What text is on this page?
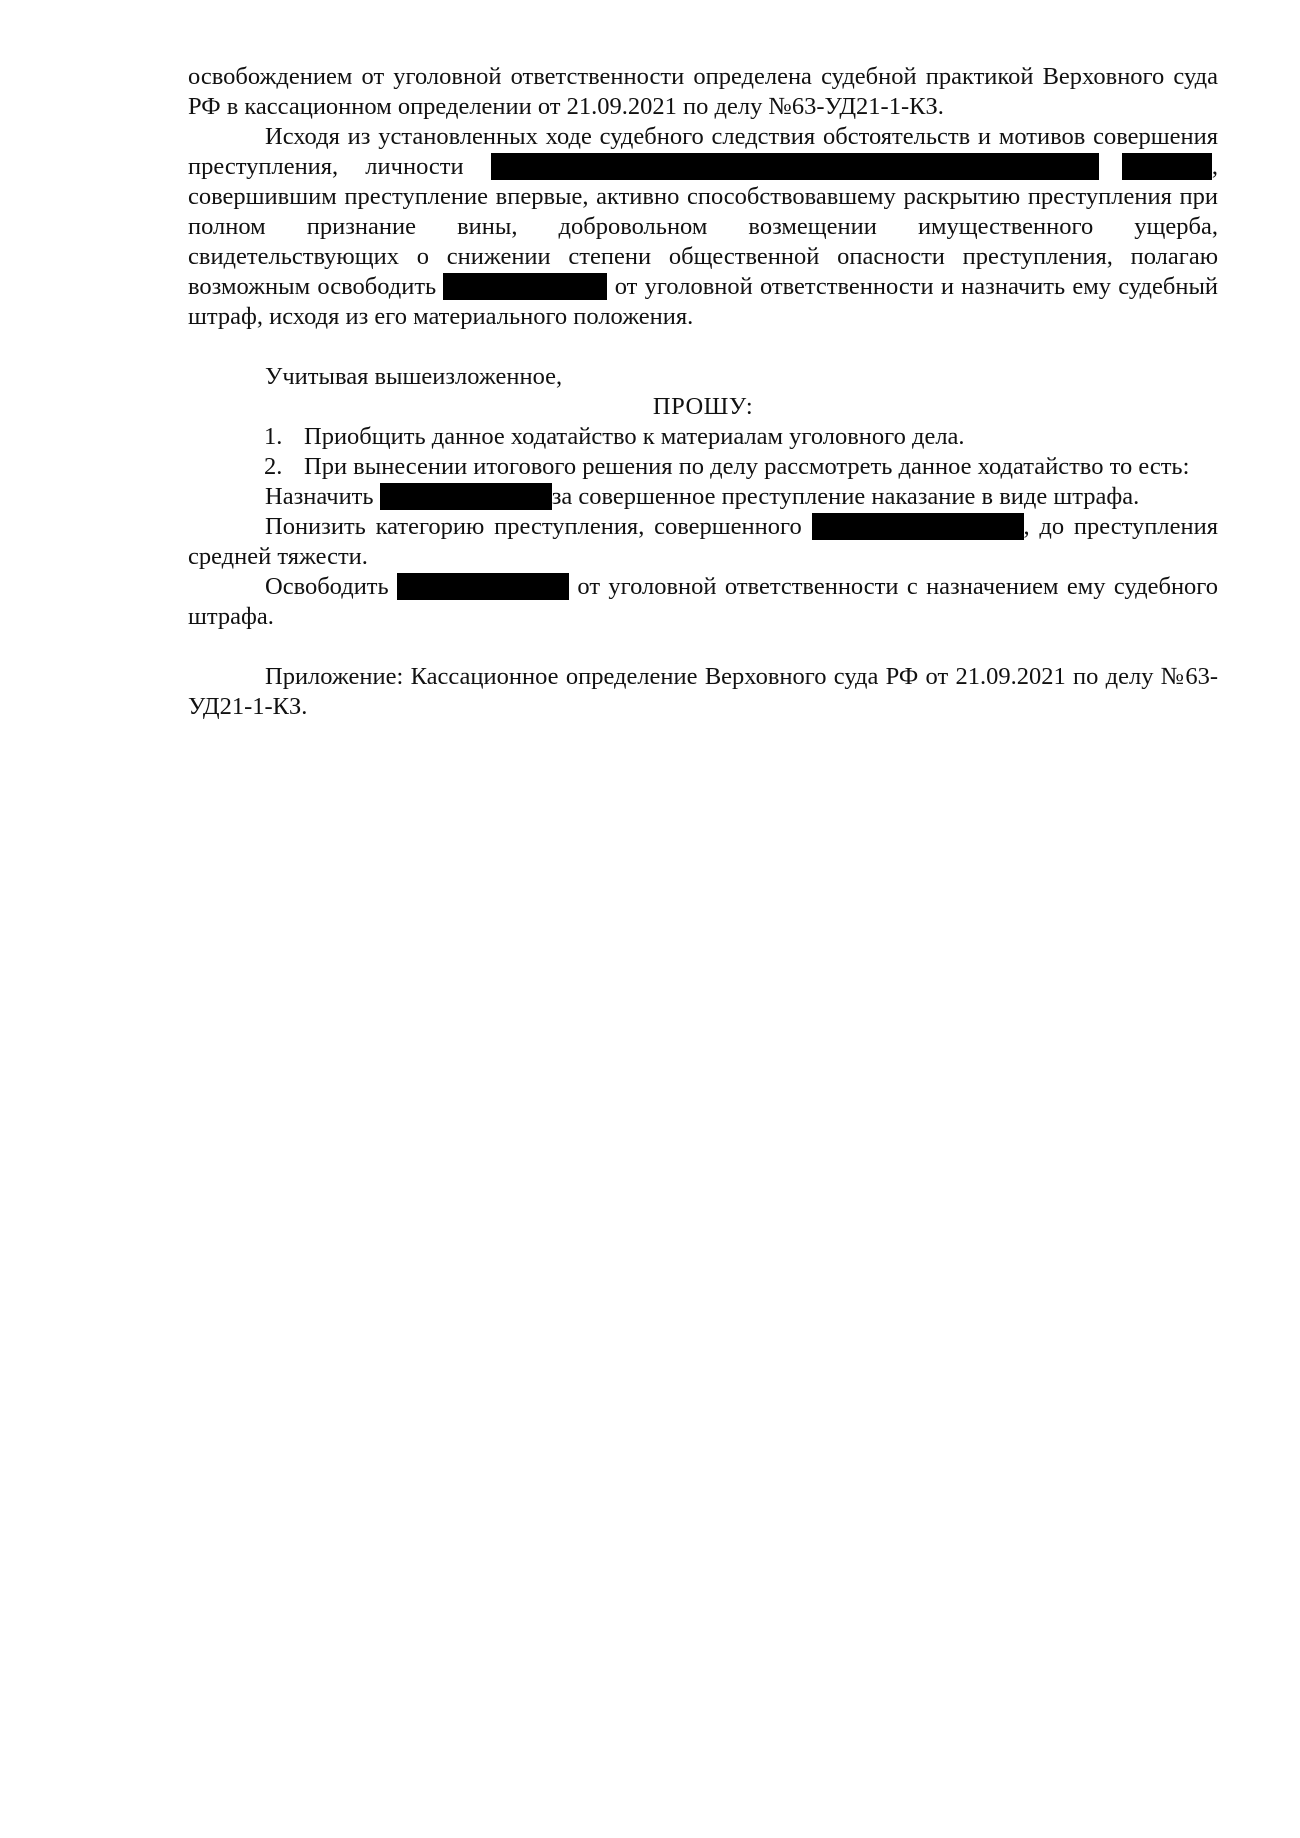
освобождением от уголовной ответственности определена судебной практикой Верховного суда РФ в кассационном определении от 21.09.2021 по делу №63-УД21-1-КЗ.

Исходя из установленных ходе судебного следствия обстоятельств и мотивов совершения преступления, личности	, совершившим преступление впервые, активно способствовавшему раскрытию преступления при полном признание вины, добровольном возмещении имущественного ущерба, свидетельствующих о снижении степени общественной опасности преступления, полагаю возможным освободить	от уголовной ответственности и назначить ему судебный штраф, исходя из его материального положения.

Учитывая вышеизложенное,

ПРОШУ:

1. Приобщить данное ходатайство к материалам уголовного дела.
2. При вынесении итогового решения по делу рассмотреть данное ходатайство то есть:

Назначить	за совершенное преступление наказание в виде штрафа.

Понизить категорию преступления, совершенного	, до преступления средней тяжести.

Освободить	от уголовной ответственности с назначением ему судебного штрафа.

Приложение: Кассационное определение Верховного суда РФ от 21.09.2021 по делу №63-УД21-1-КЗ.
